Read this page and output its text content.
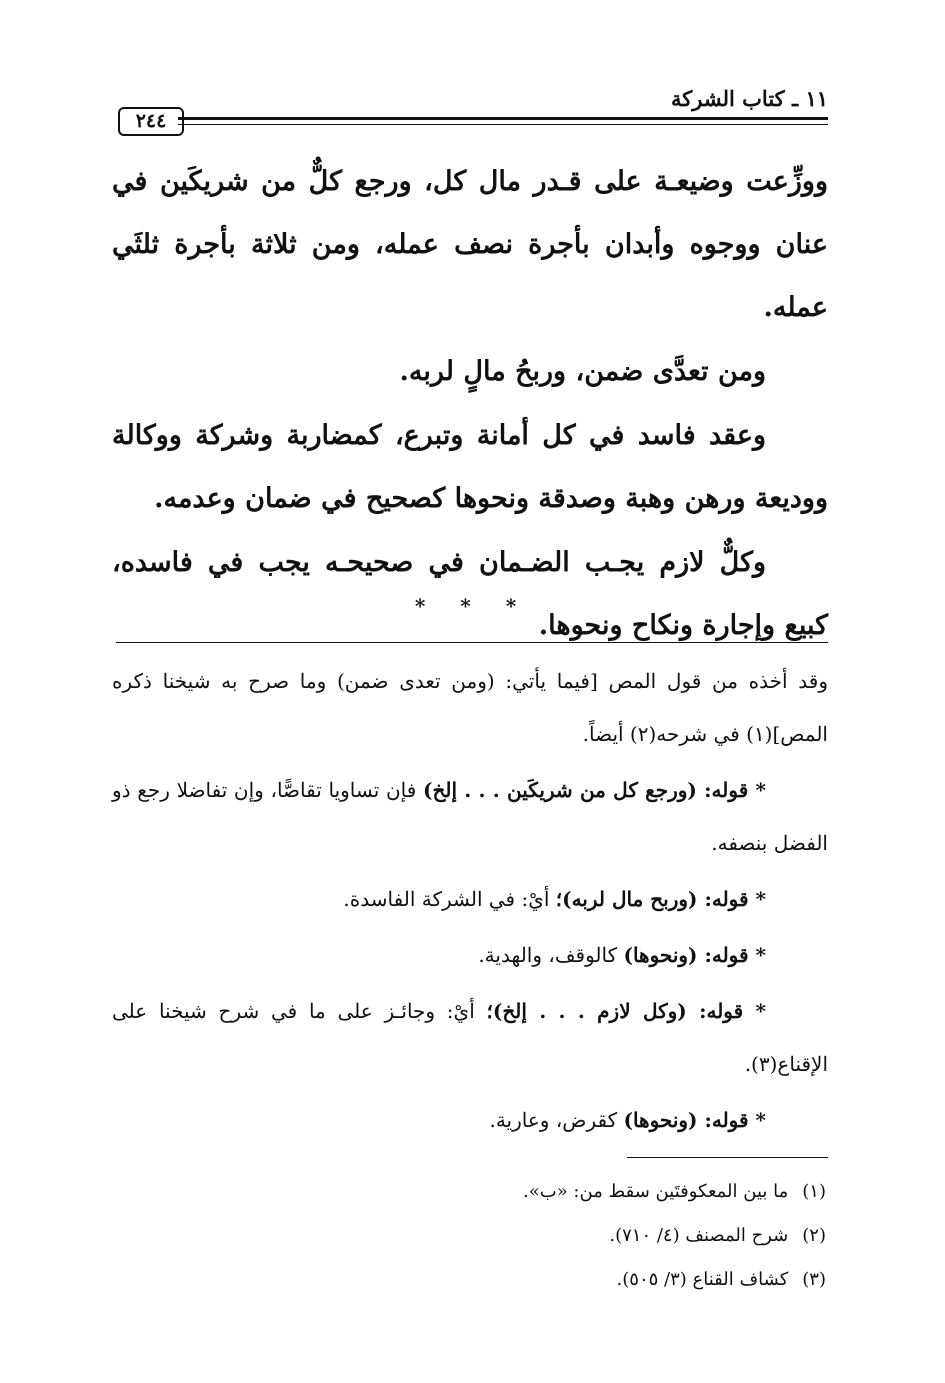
١١ ـ كتاب الشركة
٢٤٤

ووزِّعت وضيعـة على قـدر مال كل، ورجع كلٌّ من شريكَين في عنان ووجوه وأبدان بأجرة نصف عمله، ومن ثلاثة بأجرة ثلثَي عمله.

ومن تعدَّى ضمن، وربحُ مالٍ لربه.

وعقد فاسد في كل أمانة وتبرع، كمضاربة وشركة ووكالة ووديعة ورهن وهبة وصدقة ونحوها كصحيح في ضمان وعدمه.

وكلٌّ لازم يجـب الضـمان في صحيحـه يجب في فاسده، كبيع وإجارة ونكاح ونحوها.

* * *

وقد أخذه من قول المص [فيما يأتي: (ومن تعدى ضمن) وما صرح به شيخنا ذكره المص](١) في شرحه(٢) أيضاً.

* قوله: (ورجع كل من شريكَين . . . إلخ) فإن تساويا تقاصًّا، وإن تفاضلا رجع ذو الفضل بنصفه.

* قوله: (وربح مال لربه)؛ أيْ: في الشركة الفاسدة.

* قوله: (ونحوها) كالوقف، والهدية.

* قوله: (وكل لازم . . . إلخ)؛ أيْ: وجائـز على ما في شرح شيخنا على الإقناع(٣).

* قوله: (ونحوها) كقرض، وعارية.

(١)ما بين المعكوفتَين سقط من: «ب».
(٢)شرح المصنف (٤/ ٧١٠).
(٣)كشاف القناع (٣/ ٥٠٥).
